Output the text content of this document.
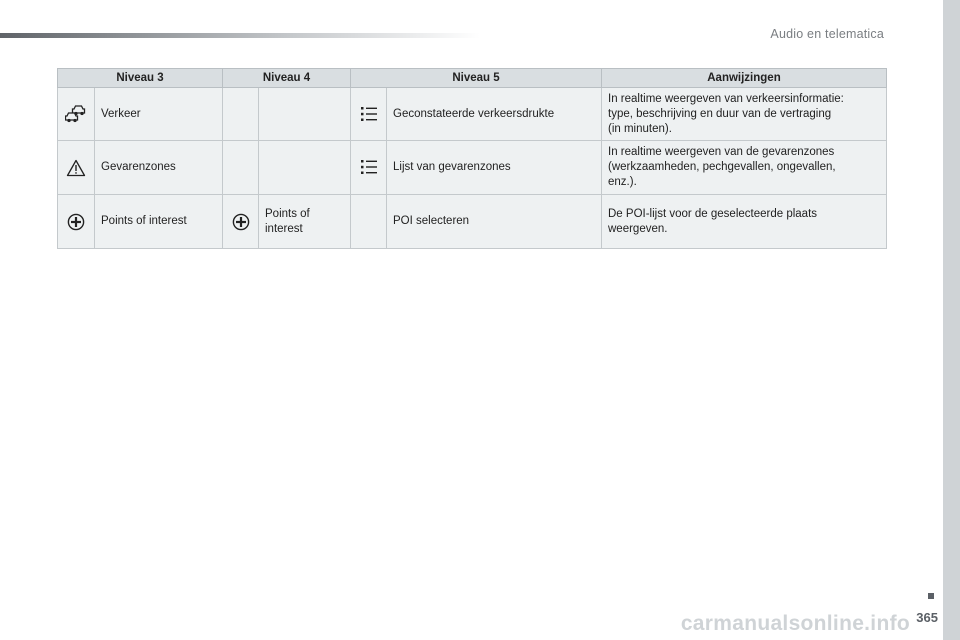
Audio en telematica
Niveau 3		Niveau 4		Niveau 5		Aanwijzingen
	Verkeer				Geconstateerde verkeersdrukte	In realtime weergeven van verkeersinformatie:
type, beschrijving en duur van de vertraging
(in minuten).

	Gevarenzones				Lijst van gevarenzones	In realtime weergeven van de gevarenzones
(werkzaamheden, pechgevallen, ongevallen,
enz.).

	Points of interest		Points of
interest		POI selecteren	De POI-lijst voor de geselecteerde plaats
weergeven.
carmanualsonline.info 365
